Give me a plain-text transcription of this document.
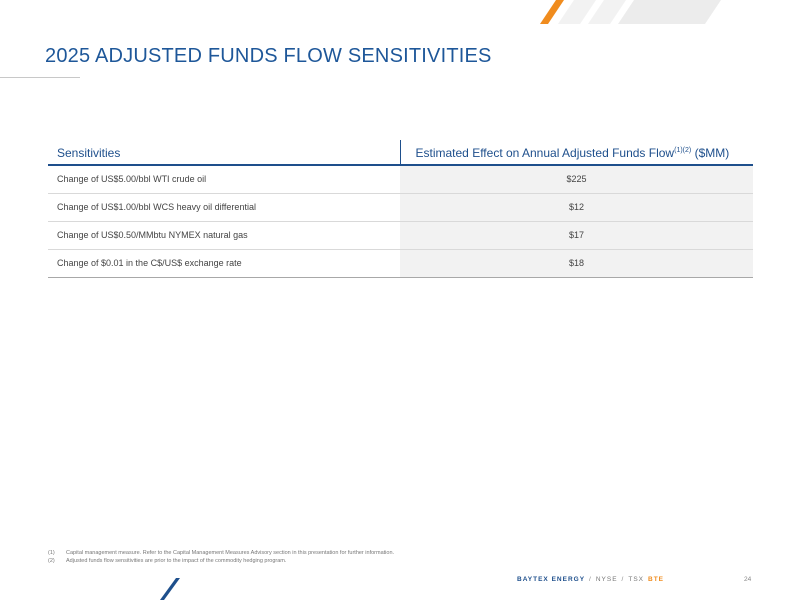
2025 ADJUSTED FUNDS FLOW SENSITIVITIES
Sensitivities	Estimated Effect on Annual Adjusted Funds Flow$^{(1)(2)}$ ($MM)
Change of US$5.00/bbl WTI crude oil	$225
Change of US$1.00/bbl WCS heavy oil differential	$12
Change of US$0.50/MMbtu NYMEX natural gas	$17
Change of $0.01 in the C$/US$ exchange rate	$18
(1)	Capital management measure. Refer to the Capital Management Measures Advisory section in this presentation for further information.
(2)	Adjusted funds flow sensitivities are prior to the impact of the commodity hedging program.
BAYTEX ENERGY / NYSE / TSX BTE	24
